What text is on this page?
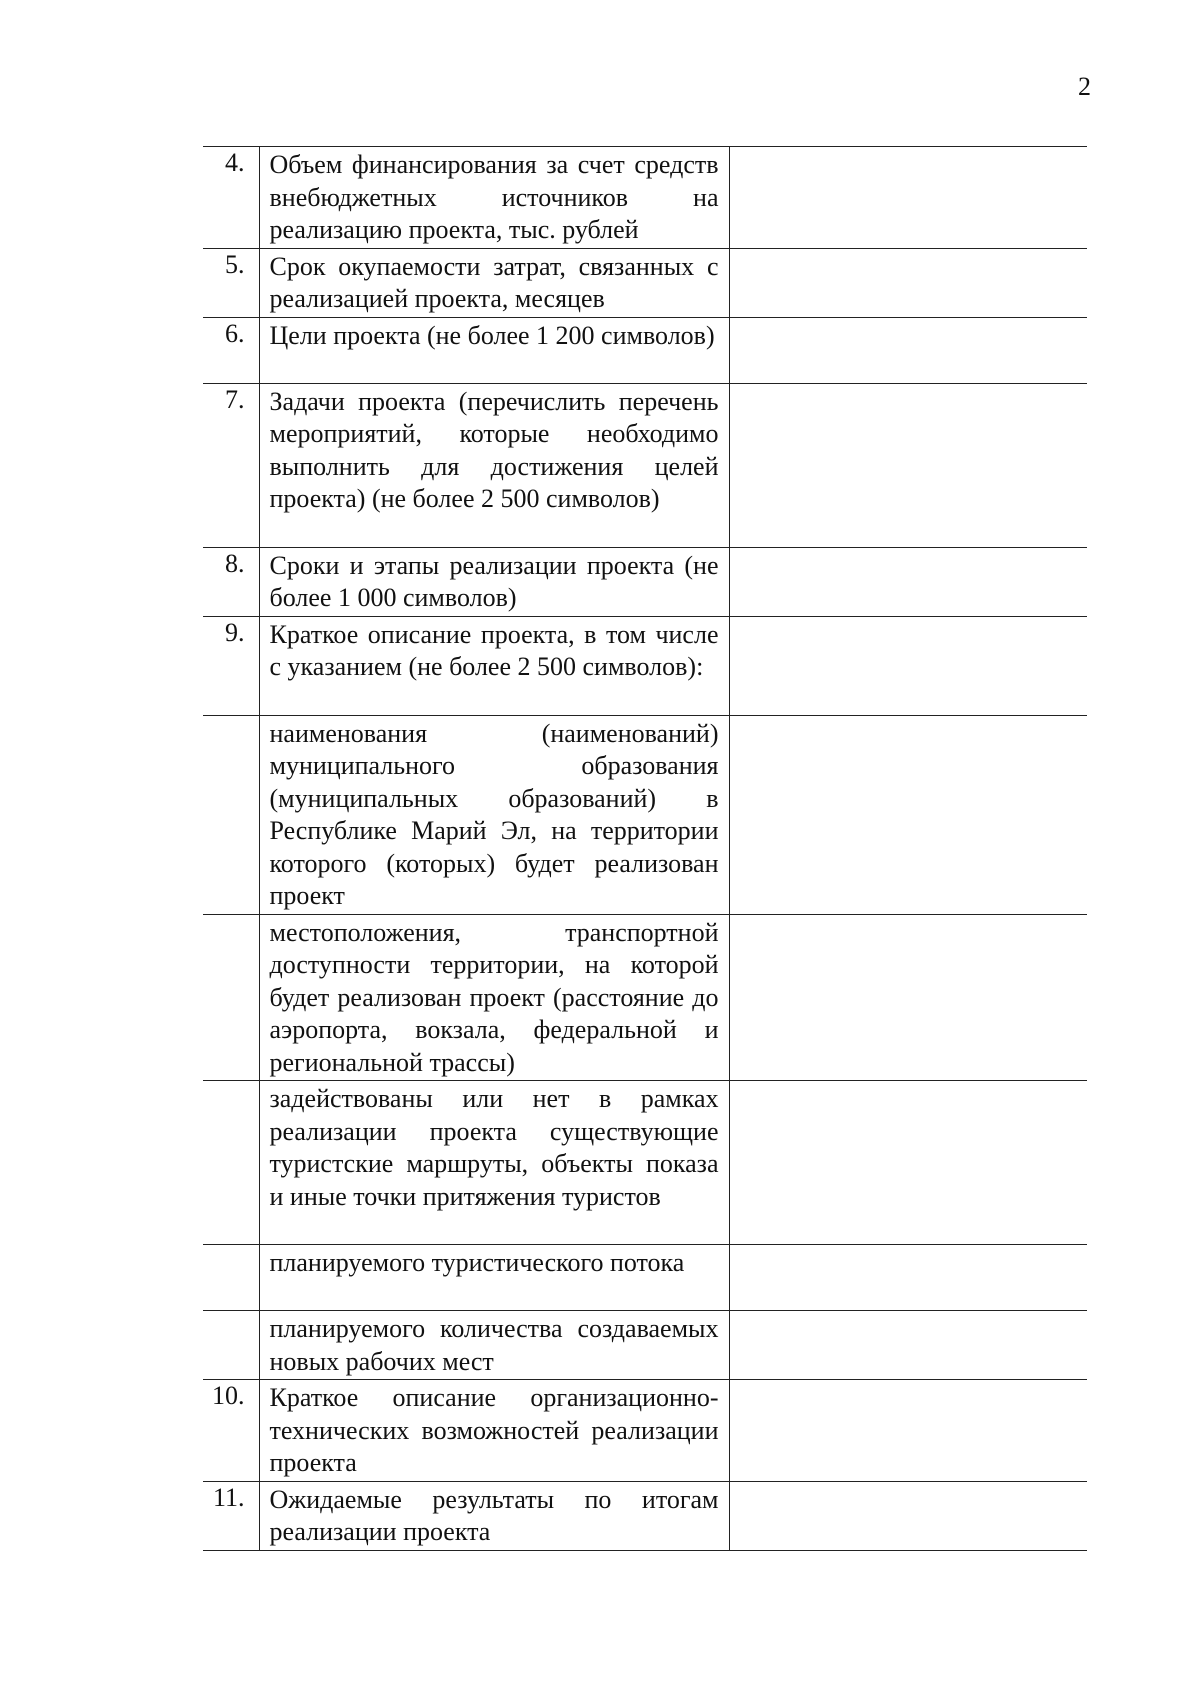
2
4.	Объем финансирования за счет средств внебюджетных источников на реализацию проекта, тыс. рублей	

5.	Срок окупаемости затрат, связанных с реализацией проекта, месяцев	

6.	Цели проекта (не более 1 200 символов)	

7.	Задачи проекта (перечислить перечень мероприятий, которые необходимо выполнить для достижения целей проекта) (не более 2 500 символов)	

8.	Сроки и этапы реализации проекта (не более 1 000 символов)	

9.	Краткое описание проекта, в том числе с указанием (не более 2 500 символов):	

	наименования (наименований) муниципального образования (муниципальных образований) в Республике Марий Эл, на территории которого (которых) будет реализован проект	

	местоположения, транспортной доступности территории, на которой будет реализован проект (расстояние до аэропорта, вокзала, федеральной и региональной трассы)	

	задействованы или нет в рамках реализации проекта существующие туристские маршруты, объекты показа и иные точки притяжения туристов	

	планируемого туристического потока	

	планируемого количества создаваемых новых рабочих мест	

10.	Краткое описание организационно-технических возможностей реализации проекта	

11.	Ожидаемые результаты по итогам реализации проекта	
